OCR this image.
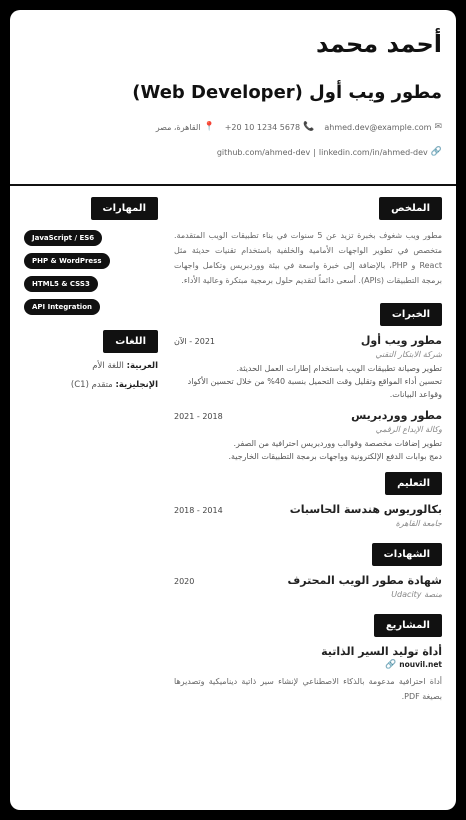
أحمد محمد
مطور ويب أول (Web Developer)
✉
ahmed.dev@example.com
📞
+20 10 1234 5678
📍
القاهرة، مصر
🔗
linkedin.com/in/ahmed-dev
|
github.com/ahmed-dev
الملخص

مطور ويب شغوف بخبرة تزيد عن 5 سنوات في بناء تطبيقات الويب المتقدمة. متخصص في تطوير الواجهات الأمامية والخلفية باستخدام تقنيات حديثة مثل React و PHP، بالإضافة إلى خبرة واسعة في بيئة ووردبريس وتكامل واجهات برمجة التطبيقات (APIs). أسعى دائماً لتقديم حلول برمجية مبتكرة وعالية الأداء.

الخبرات
مطور ويب أول
2021 - الآن
شركة الابتكار التقني
تطوير وصيانة تطبيقات الويب باستخدام إطارات العمل الحديثة.
تحسين أداء المواقع وتقليل وقت التحميل بنسبة 40% من خلال تحسين الأكواد وقواعد البيانات.
مطور ووردبريس
2018 - 2021
وكالة الإبداع الرقمي
تطوير إضافات مخصصة وقوالب ووردبريس احترافية من الصفر.
دمج بوابات الدفع الإلكترونية وواجهات برمجة التطبيقات الخارجية.
التعليم
بكالوريوس هندسة الحاسبات
2014 - 2018
جامعة القاهرة
الشهادات
شهادة مطور الويب المحترف
2020
منصة Udacity
المشاريع
أداة توليد السير الذاتية
nouvil.net 🔗

أداة احترافية مدعومة بالذكاء الاصطناعي لإنشاء سير ذاتية ديناميكية وتصديرها بصيغة PDF.

المهارات
JavaScript / ES6
PHP & WordPress
HTML5 & CSS3
API Integration
اللغات
العربية: اللغة الأم
الإنجليزية: متقدم (C1)
